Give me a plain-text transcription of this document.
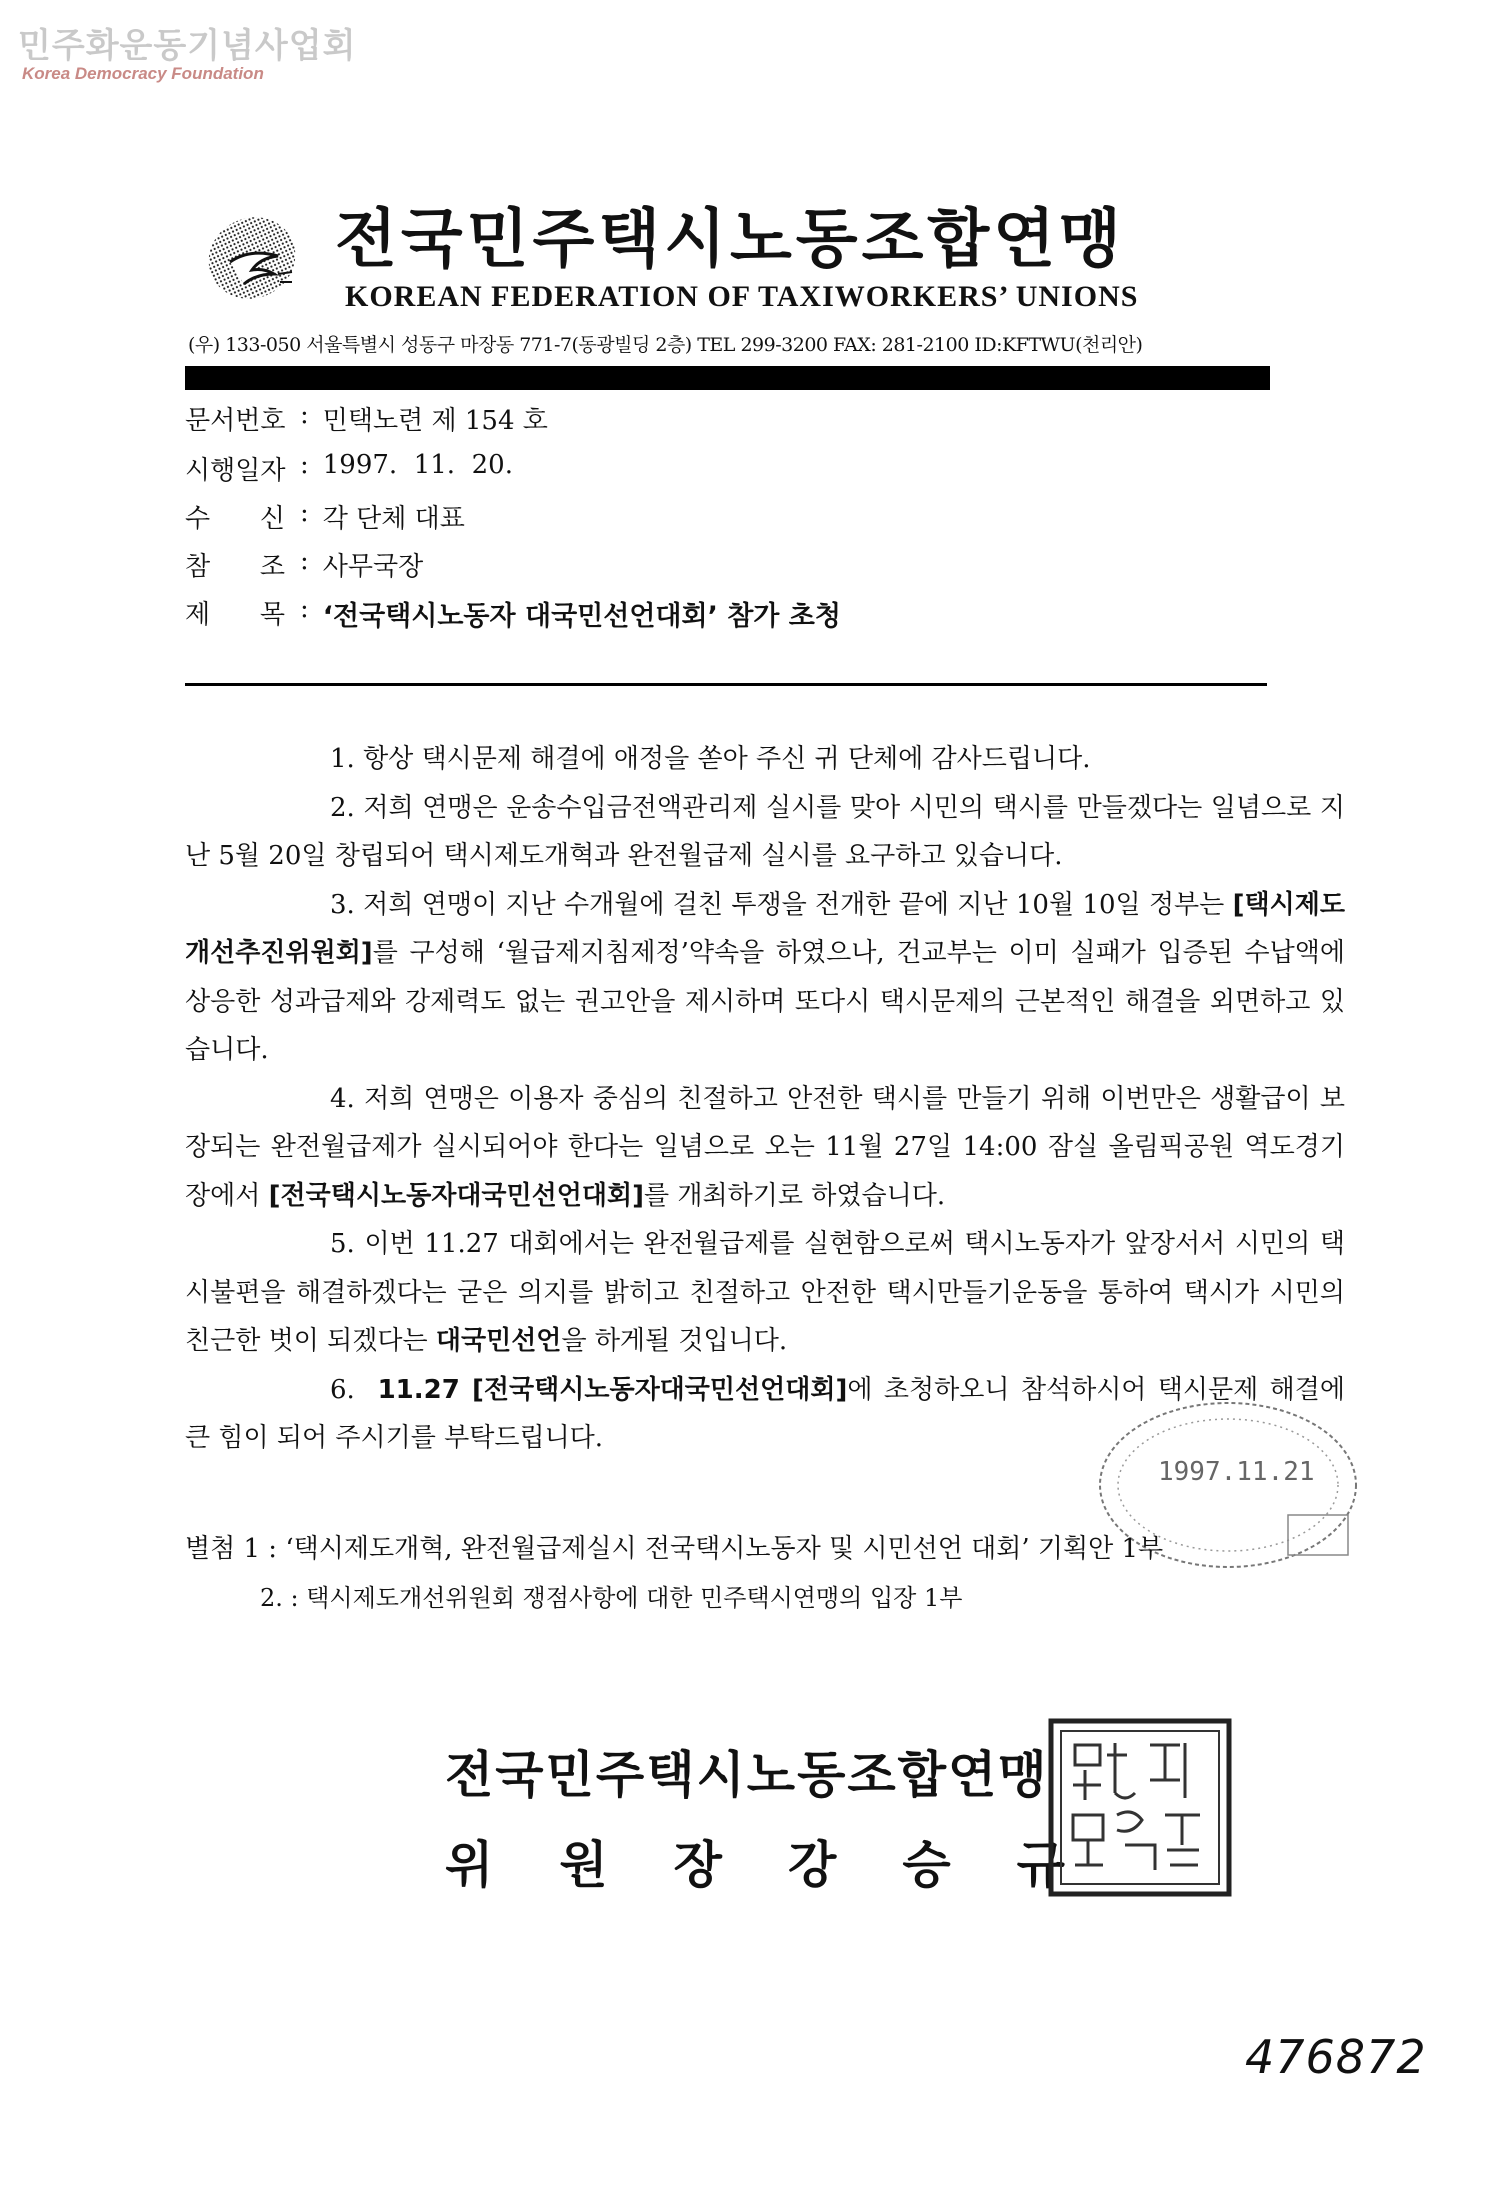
민주화운동기념사업회
Korea Democracy Foundation
전국민주택시노동조합연맹
KOREAN FEDERATION OF TAXIWORKERS’ UNIONS
(우) 133-050 서울특별시 성동구 마장동 771-7(동광빌딩 2층) TEL 299-3200 FAX: 281-2100 ID:KFTWU(천리안)
문서번호 : 민택노련 제 154 호
시행일자 : 1997.  11.  20.
수 신 : 각 단체 대표
참 조 : 사무국장
제 목 : ‘전국택시노동자 대국민선언대회’ 참가 초청

1. 항상 택시문제 해결에 애정을 쏟아 주신 귀 단체에 감사드립니다.

2. 저희 연맹은 운송수입금전액관리제 실시를 맞아 시민의 택시를 만들겠다는 일념으로 지난 5월 20일 창립되어 택시제도개혁과 완전월급제 실시를 요구하고 있습니다.

3. 저희 연맹이 지난 수개월에 걸친 투쟁을 전개한 끝에 지난 10월 10일 정부는 [택시제도개선추진위원회]를 구성해 ‘월급제지침제정’약속을 하였으나, 건교부는 이미 실패가 입증된 수납액에 상응한 성과급제와 강제력도 없는 권고안을 제시하며 또다시 택시문제의 근본적인 해결을 외면하고 있습니다.

4. 저희 연맹은 이용자 중심의 친절하고 안전한 택시를 만들기 위해 이번만은 생활급이 보장되는 완전월급제가 실시되어야 한다는 일념으로 오는 11월 27일 14:00 잠실 올림픽공원 역도경기장에서 [전국택시노동자대국민선언대회]를 개최하기로 하였습니다.

5. 이번 11.27 대회에서는 완전월급제를 실현함으로써 택시노동자가 앞장서서 시민의 택시불편을 해결하겠다는 굳은 의지를 밝히고 친절하고 안전한 택시만들기운동을 통하여 택시가 시민의 친근한 벗이 되겠다는 대국민선언을 하게될 것입니다.

6.  11.27 [전국택시노동자대국민선언대회]에 초청하오니 참석하시어 택시문제 해결에 큰 힘이 되어 주시기를 부탁드립니다.

1997.11.21
별첨 1 : ‘택시제도개혁, 완전월급제실시 전국택시노동자 및 시민선언 대회’ 기획안 1부
2. : 택시제도개선위원회 쟁점사항에 대한 민주택시연맹의 입장 1부
전국민주택시노동조합연맹
위 원 장 강 승 규
476872
